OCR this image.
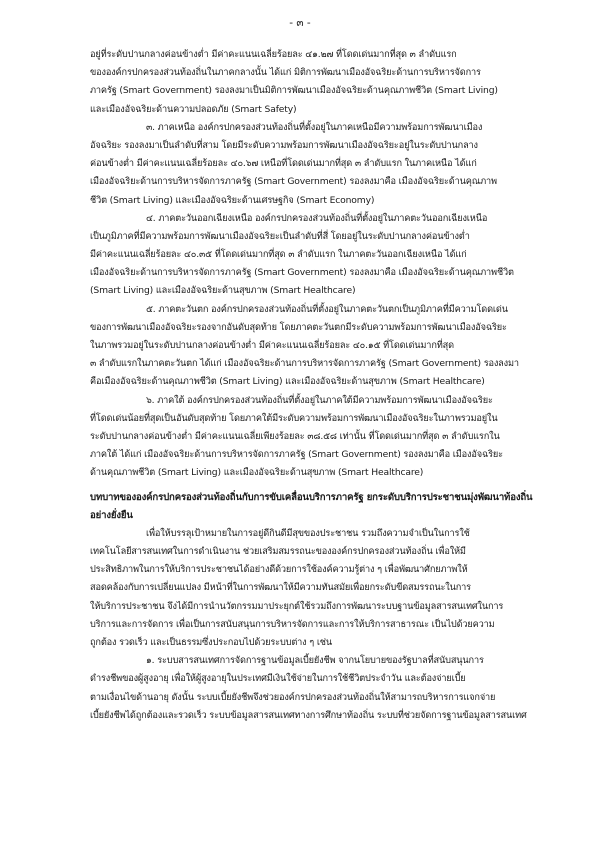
- ๓ -
อยู่ที่ระดับปานกลางค่อนข้างต่ำ มีค่าคะแนนเฉลี่ยร้อยละ ๔๑.๒๗ ที่โดดเด่นมากที่สุด ๓ ลำดับแรก
ขององค์กรปกครองส่วนท้องถิ่นในภาคกลางนั้น ได้แก่ มิติการพัฒนาเมืองอัจฉริยะด้านการบริหารจัดการ
ภาครัฐ (Smart Government) รองลงมาเป็นมิติการพัฒนาเมืองอัจฉริยะด้านคุณภาพชีวิต (Smart Living)
และเมืองอัจฉริยะด้านความปลอดภัย (Smart Safety)
๓. ภาคเหนือ องค์กรปกครองส่วนท้องถิ่นที่ตั้งอยู่ในภาคเหนือมีความพร้อมการพัฒนาเมือง
อัจฉริยะ รองลงมาเป็นลำดับที่สาม โดยมีระดับความพร้อมการพัฒนาเมืองอัจฉริยะอยู่ในระดับปานกลาง
ค่อนข้างต่ำ มีค่าคะแนนเฉลี่ยร้อยละ ๔๐.๖๗ เหนือที่โดดเด่นมากที่สุด ๓ ลำดับแรก ในภาคเหนือ ได้แก่
เมืองอัจฉริยะด้านการบริหารจัดการภาครัฐ (Smart Government) รองลงมาคือ เมืองอัจฉริยะด้านคุณภาพ
ชีวิต (Smart Living) และเมืองอัจฉริยะด้านเศรษฐกิจ (Smart Economy)
๔. ภาคตะวันออกเฉียงเหนือ องค์กรปกครองส่วนท้องถิ่นที่ตั้งอยู่ในภาคตะวันออกเฉียงเหนือ
เป็นภูมิภาคที่มีความพร้อมการพัฒนาเมืองอัจฉริยะเป็นลำดับที่สี่ โดยอยู่ในระดับปานกลางค่อนข้างต่ำ
มีค่าคะแนนเฉลี่ยร้อยละ ๔๐.๓๕ ที่โดดเด่นมากที่สุด ๓ ลำดับแรก ในภาคตะวันออกเฉียงเหนือ ได้แก่
เมืองอัจฉริยะด้านการบริหารจัดการภาครัฐ (Smart Government) รองลงมาคือ เมืองอัจฉริยะด้านคุณภาพชีวิต
(Smart Living) และเมืองอัจฉริยะด้านสุขภาพ (Smart Healthcare)
๕. ภาคตะวันตก องค์กรปกครองส่วนท้องถิ่นที่ตั้งอยู่ในภาคตะวันตกเป็นภูมิภาคที่มีความโดดเด่น
ของการพัฒนาเมืองอัจฉริยะรองจากอันดับสุดท้าย โดยภาคตะวันตกมีระดับความพร้อมการพัฒนาเมืองอัจฉริยะ
ในภาพรวมอยู่ในระดับปานกลางค่อนข้างต่ำ มีค่าคะแนนเฉลี่ยร้อยละ ๔๐.๑๕ ที่โดดเด่นมากที่สุด
๓ ลำดับแรกในภาคตะวันตก ได้แก่ เมืองอัจฉริยะด้านการบริหารจัดการภาครัฐ (Smart Government) รองลงมา
คือเมืองอัจฉริยะด้านคุณภาพชีวิต (Smart Living) และเมืองอัจฉริยะด้านสุขภาพ (Smart Healthcare)
๖. ภาคใต้ องค์กรปกครองส่วนท้องถิ่นที่ตั้งอยู่ในภาคใต้มีความพร้อมการพัฒนาเมืองอัจฉริยะ
ที่โดดเด่นน้อยที่สุดเป็นอันดับสุดท้าย โดยภาคใต้มีระดับความพร้อมการพัฒนาเมืองอัจฉริยะในภาพรวมอยู่ใน
ระดับปานกลางค่อนข้างต่ำ มีค่าคะแนนเฉลี่ยเพียงร้อยละ ๓๘.๕๘ เท่านั้น ที่โดดเด่นมากที่สุด ๓ ลำดับแรกใน
ภาคใต้ ได้แก่ เมืองอัจฉริยะด้านการบริหารจัดการภาครัฐ (Smart Government) รองลงมาคือ เมืองอัจฉริยะ
ด้านคุณภาพชีวิต (Smart Living) และเมืองอัจฉริยะด้านสุขภาพ (Smart Healthcare)
บทบาทขององค์กรปกครองส่วนท้องถิ่นกับการขับเคลื่อนบริการภาครัฐ ยกระดับบริการประชาชนมุ่งพัฒนาท้องถิ่น
อย่างยั่งยืน
เพื่อให้บรรลุเป้าหมายในการอยู่ดีกินดีมีสุขของประชาชน รวมถึงความจำเป็นในการใช้
เทคโนโลยีสารสนเทศในการดำเนินงาน ช่วยเสริมสมรรถนะขององค์กรปกครองส่วนท้องถิ่น เพื่อให้มี
ประสิทธิภาพในการให้บริการประชาชนได้อย่างดีด้วยการใช้องค์ความรู้ต่าง ๆ เพื่อพัฒนาศักยภาพให้
สอดคล้องกับการเปลี่ยนแปลง มีหน้าที่ในการพัฒนาให้มีความทันสมัยเพื่อยกระดับขีดสมรรถนะในการ
ให้บริการประชาชน จึงได้มีการนำนวัตกรรมมาประยุกต์ใช้รวมถึงการพัฒนาระบบฐานข้อมูลสารสนเทศในการ
บริการและการจัดการ เพื่อเป็นการสนับสนุนการบริหารจัดการและการให้บริการสาธารณะ เป็นไปด้วยความ
ถูกต้อง รวดเร็ว และเป็นธรรมซึ่งประกอบไปด้วยระบบต่าง ๆ เช่น
๑. ระบบสารสนเทศการจัดการฐานข้อมูลเบี้ยยังชีพ จากนโยบายของรัฐบาลที่สนับสนุนการ
ดำรงชีพของผู้สูงอายุ เพื่อให้ผู้สูงอายุในประเทศมีเงินใช้จ่ายในการใช้ชีวิตประจำวัน และต้องจ่ายเบี้ย
ตามเงื่อนไขด้านอายุ ดังนั้น ระบบเบี้ยยังชีพจึงช่วยองค์กรปกครองส่วนท้องถิ่นให้สามารถบริหารการแจกจ่าย
เบี้ยยังชีพได้ถูกต้องและรวดเร็ว ระบบข้อมูลสารสนเทศทางการศึกษาท้องถิ่น ระบบที่ช่วยจัดการฐานข้อมูลสารสนเทศ
